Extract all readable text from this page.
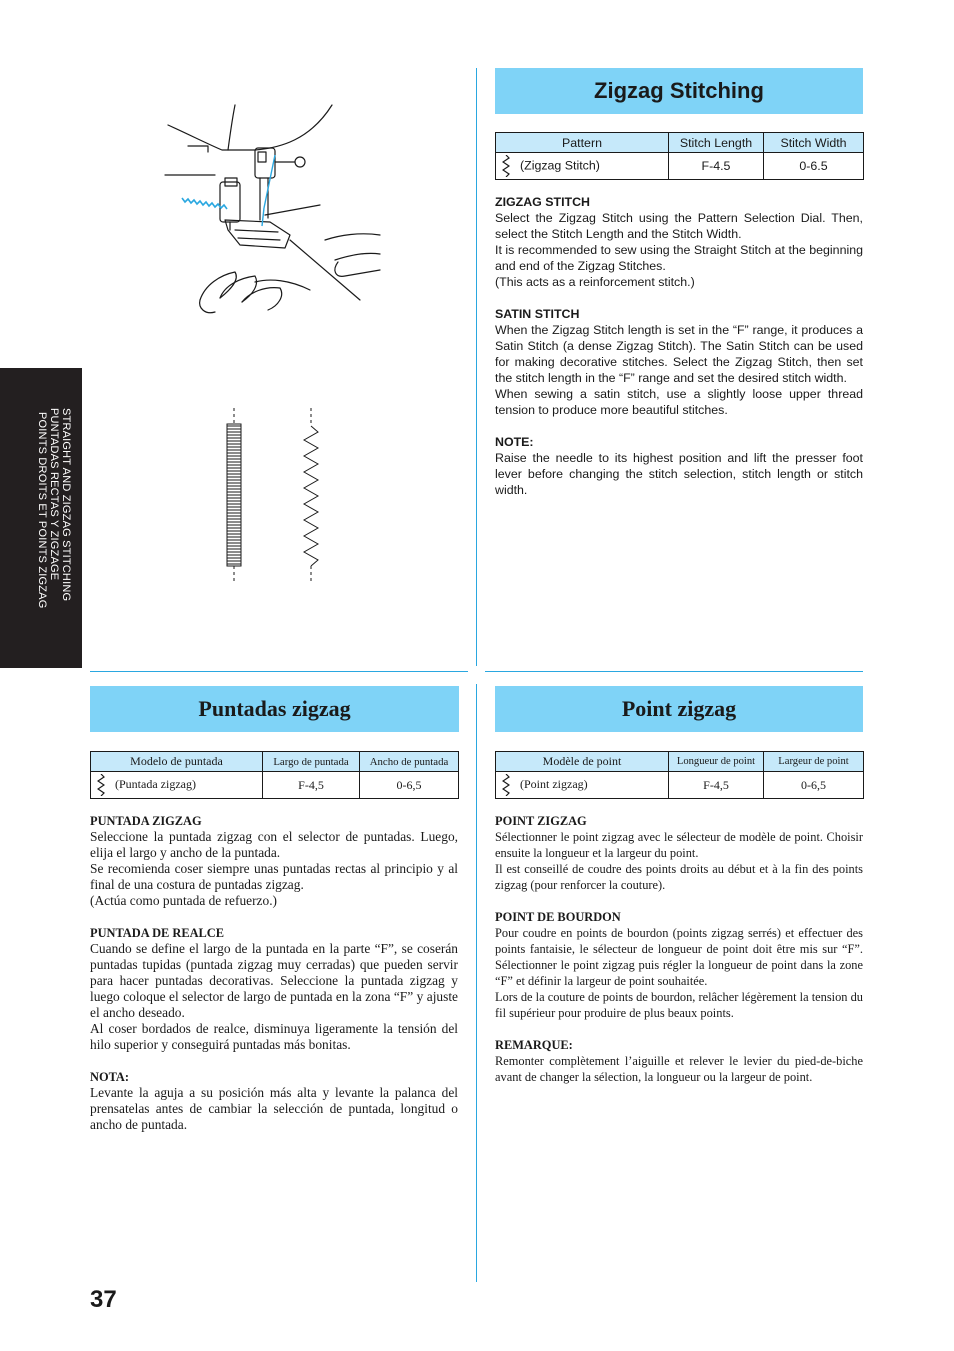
STRAIGHT AND ZIGZAG STITCHING
PUNTADAS RECTAS Y ZIGZAGE
POINTS DROITS ET POINTS ZIGZAG
Zigzag Stitching
Pattern	Stitch Length	Stitch Width
(Zigzag Stitch)	F-4.5	0-6.5

ZIGZAG STITCH

Select the Zigzag Stitch using the Pattern Selection Dial. Then, select the Stitch Length and the Stitch Width.

It is recommended to sew using the Straight Stitch at the beginning and end of the Zigzag Stitches.

(This acts as a reinforcement stitch.)

SATIN STITCH

When the Zigzag Stitch length is set in the “F” range, it produces a Satin Stitch (a dense Zigzag Stitch). The Satin Stitch can be used for making decorative stitches. Select the Zigzag Stitch, then set the stitch length in the “F” range and set the desired stitch width.

When sewing a satin stitch, use a slightly loose upper thread tension to produce more beautiful stitches.

NOTE:

Raise the needle to its highest position and lift the presser foot lever before changing the stitch selection, stitch length or stitch width.

Puntadas zigzag
Modelo de puntada	Largo de puntada	Ancho de puntada
(Puntada zigzag)	F-4,5	0-6,5

PUNTADA ZIGZAG

Seleccione la puntada zigzag con el selector de puntadas. Luego, elija el largo y ancho de la puntada.

Se recomienda coser siempre unas puntadas rectas al principio y al final de una costura de puntadas zigzag.

(Actúa como puntada de refuerzo.)

PUNTADA DE REALCE

Cuando se define el largo de la puntada en la parte “F”, se coserán puntadas tupidas (puntada zigzag muy cerradas) que pueden servir para hacer puntadas decorativas. Seleccione la puntada zigzag y luego coloque el selector de largo de puntada en la zona “F” y ajuste el ancho deseado.

Al coser bordados de realce, disminuya ligeramente la tensión del hilo superior y conseguirá puntadas más bonitas.

NOTA:

Levante la aguja a su posición más alta y levante la palanca del prensatelas antes de cambiar la selección de puntada, longitud o ancho de puntada.

Point zigzag
Modèle de point	Longueur de point	Largeur de point
(Point zigzag)	F-4,5	0-6,5

POINT ZIGZAG

Sélectionner le point zigzag avec le sélecteur de modèle de point. Choisir ensuite la longueur et la largeur du point.

Il est conseillé de coudre des points droits au début et à la fin des points zigzag (pour renforcer la couture).

POINT DE BOURDON

Pour coudre en points de bourdon (points zigzag serrés) et effectuer des points fantaisie, le sélecteur de longueur de point doit être mis sur “F”. Sélectionner le point zigzag puis régler la longueur de point dans la zone “F” et définir la largeur de point souhaitée.

Lors de la couture de points de bourdon, relâcher légèrement la tension du fil supérieur pour produire de plus beaux points.

REMARQUE:

Remonter complètement l’aiguille et relever le levier du pied-de-biche avant de changer la sélection, la longueur ou la largeur de point.

37
